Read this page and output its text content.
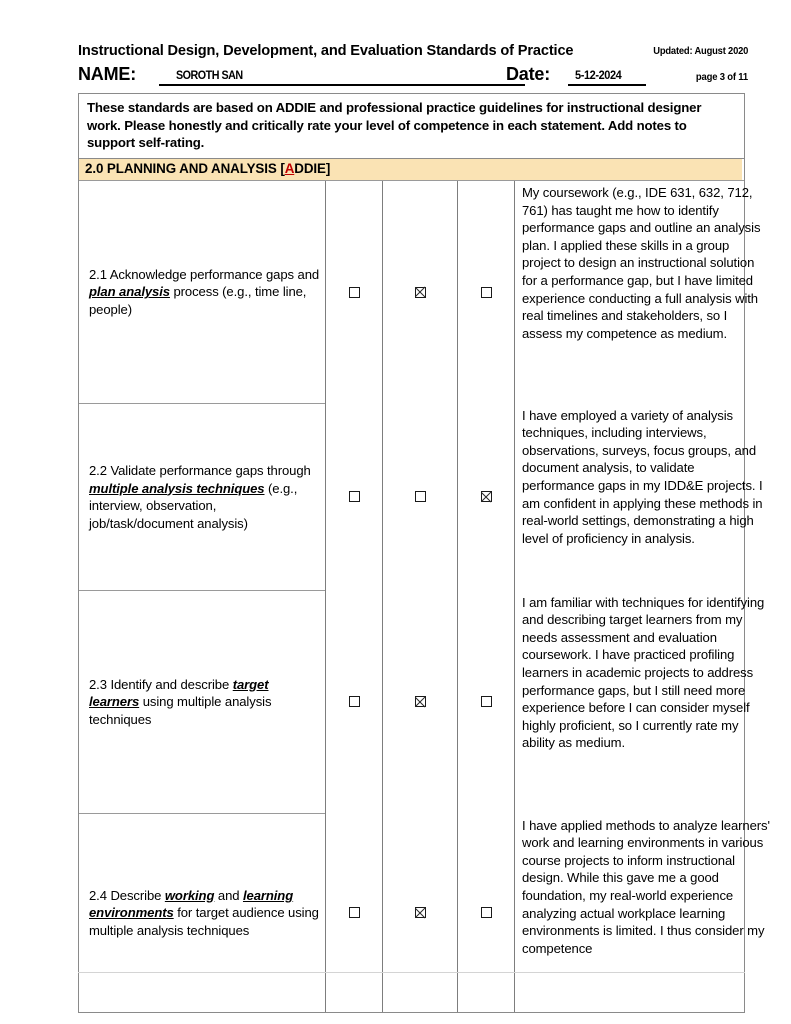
Instructional Design, Development, and Evaluation Standards of Practice	Updated: August 2020
NAME:	SOROTH SAN	Date: 5-12-2024	page 3 of 11
These standards are based on ADDIE and professional practice guidelines for instructional designer work. Please honestly and critically rate your level of competence in each statement. Add notes to support self-rating.
2.0 PLANNING AND ANALYSIS [ADDIE]
2.1 Acknowledge performance gaps and plan analysis process (e.g., time line, people)				My coursework (e.g., IDE 631, 632, 712, 761) has taught me how to identify performance gaps and outline an analysis plan. I applied these skills in a group project to design an instructional solution for a performance gap, but I have limited experience conducting a full analysis with real timelines and stakeholders, so I assess my competence as medium.
2.2 Validate performance gaps through multiple analysis techniques (e.g., interview, observation, job/task/document analysis)				I have employed a variety of analysis techniques, including interviews, observations, surveys, focus groups, and document analysis, to validate performance gaps in my IDD&E projects. I am confident in applying these methods in real-world settings, demonstrating a high level of proficiency in analysis.
2.3 Identify and describe target learners using multiple analysis techniques				I am familiar with techniques for identifying and describing target learners from my needs assessment and evaluation coursework. I have practiced profiling learners in academic projects to address performance gaps, but I still need more experience before I can consider myself highly proficient, so I currently rate my ability as medium.
2.4 Describe working and learning environments for target audience using multiple analysis techniques				I have applied methods to analyze learners' work and learning environments in various course projects to inform instructional design. While this gave me a good foundation, my real-world experience analyzing actual workplace learning environments is limited. I thus consider my competence
